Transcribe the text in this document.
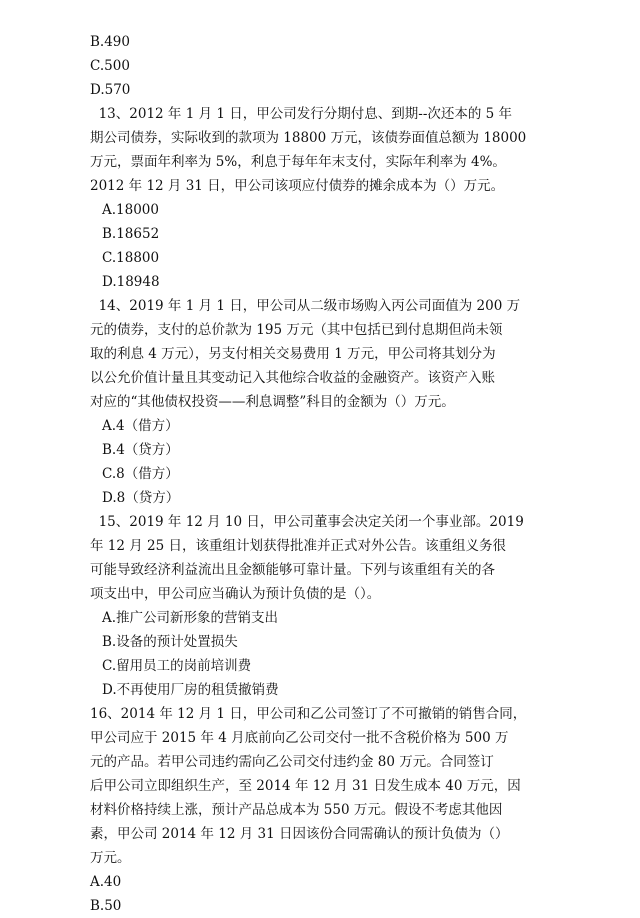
B.490
C.500
D.570
13、2012 年 1 月 1 日，甲公司发行分期付息、到期--次还本的 5 年
期公司债券，实际收到的款项为 18800 万元，该债券面值总额为 18000
万元，票面年利率为 5%，利息于每年年末支付，实际年利率为 4%。
2012 年 12 月 31 日，甲公司该项应付债券的摊余成本为（）万元。
A.18000
B.18652
C.18800
D.18948
14、2019 年 1 月 1 日，甲公司从二级市场购入丙公司面值为 200 万
元的债券，支付的总价款为 195 万元（其中包括已到付息期但尚未领
取的利息 4 万元），另支付相关交易费用 1 万元，甲公司将其划分为
以公允价值计量且其变动记入其他综合收益的金融资产。该资产入账
对应的“其他债权投资——利息调整”科目的金额为（）万元。
A.4（借方）
B.4（贷方）
C.8（借方）
D.8（贷方）
15、2019 年 12 月 10 日，甲公司董事会决定关闭一个事业部。2019
年 12 月 25 日，该重组计划获得批准并正式对外公告。该重组义务很
可能导致经济利益流出且金额能够可靠计量。下列与该重组有关的各
项支出中，甲公司应当确认为预计负债的是（）。
A.推广公司新形象的营销支出
B.设备的预计处置损失
C.留用员工的岗前培训费
D.不再使用厂房的租赁撤销费
16、2014 年 12 月 1 日，甲公司和乙公司签订了不可撤销的销售合同，
甲公司应于 2015 年 4 月底前向乙公司交付一批不含税价格为 500 万
元的产品。若甲公司违约需向乙公司交付违约金 80 万元。合同签订
后甲公司立即组织生产，至 2014 年 12 月 31 日发生成本 40 万元，因
材料价格持续上涨，预计产品总成本为 550 万元。假设不考虑其他因
素，甲公司 2014 年 12 月 31 日因该份合同需确认的预计负债为（）
万元。
A.40
B.50
